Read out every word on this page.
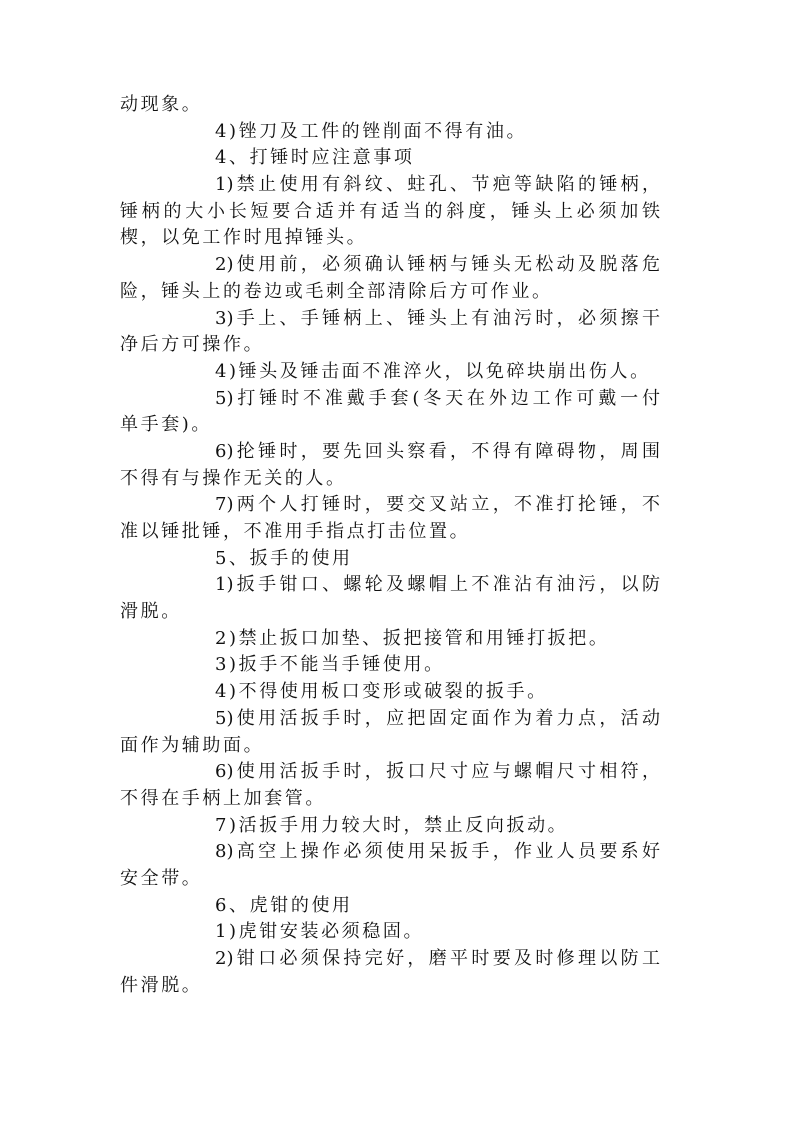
动现象。
4)锉刀及工件的锉削面不得有油。
4、打锤时应注意事项
1)禁止使用有斜纹、蛀孔、节疤等缺陷的锤柄，
锤柄的大小长短要合适并有适当的斜度，锤头上必须加铁
楔，以免工作时甩掉锤头。
2)使用前，必须确认锤柄与锤头无松动及脱落危
险，锤头上的卷边或毛刺全部清除后方可作业。
3)手上、手锤柄上、锤头上有油污时，必须擦干
净后方可操作。
4)锤头及锤击面不准淬火，以免碎块崩出伤人。
5)打锤时不准戴手套(冬天在外边工作可戴一付
单手套)。
6)抡锤时，要先回头察看，不得有障碍物，周围
不得有与操作无关的人。
7)两个人打锤时，要交叉站立，不准打抡锤，不
准以锤批锤，不准用手指点打击位置。
5、扳手的使用
1)扳手钳口、螺轮及螺帽上不准沾有油污，以防
滑脱。
2)禁止扳口加垫、扳把接管和用锤打扳把。
3)扳手不能当手锤使用。
4)不得使用板口变形或破裂的扳手。
5)使用活扳手时，应把固定面作为着力点，活动
面作为辅助面。
6)使用活扳手时，扳口尺寸应与螺帽尺寸相符，
不得在手柄上加套管。
7)活扳手用力较大时，禁止反向扳动。
8)高空上操作必须使用呆扳手，作业人员要系好
安全带。
6、虎钳的使用
1)虎钳安装必须稳固。
2)钳口必须保持完好，磨平时要及时修理以防工
件滑脱。
